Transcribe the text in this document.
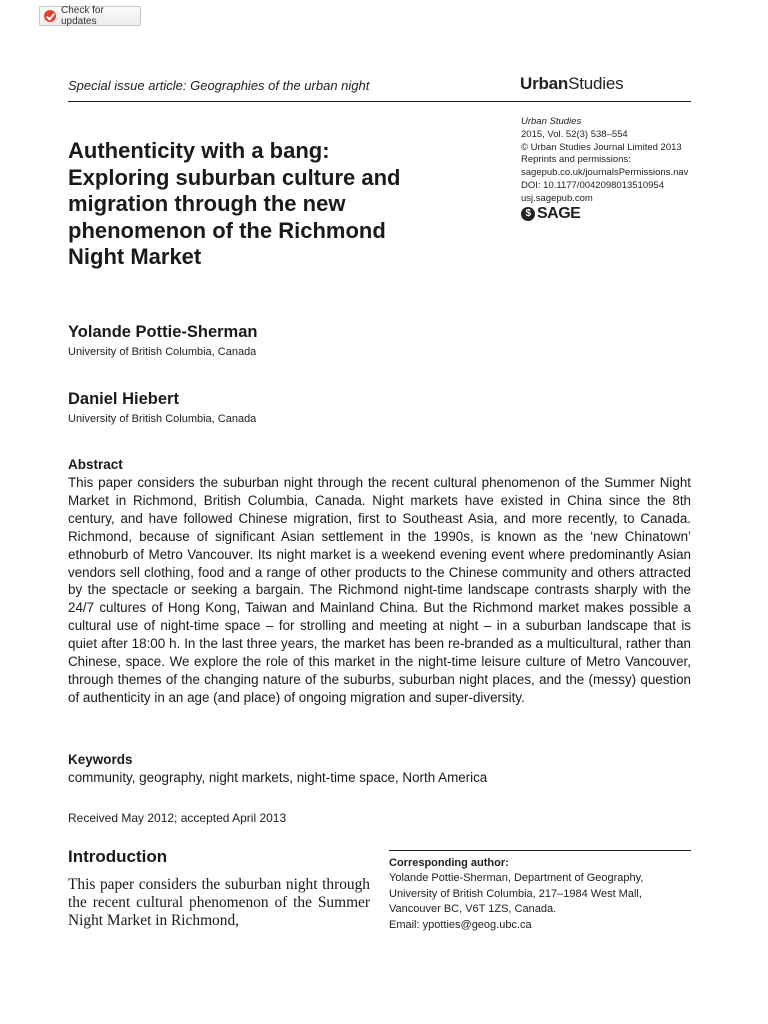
Check for updates
Special issue article: Geographies of the urban night	UrbanStudies
Urban Studies
2015, Vol. 52(3) 538–554
© Urban Studies Journal Limited 2013
Reprints and permissions:
sagepub.co.uk/journalsPermissions.nav
DOI: 10.1177/0042098013510954
usj.sagepub.com
$ SAGE
Authenticity with a bang:
Exploring suburban culture and
migration through the new
phenomenon of the Richmond
Night Market
Yolande Pottie-Sherman
University of British Columbia, Canada
Daniel Hiebert
University of British Columbia, Canada
Abstract
This paper considers the suburban night through the recent cultural phenomenon of the Summer Night Market in Richmond, British Columbia, Canada. Night markets have existed in China since the 8th century, and have followed Chinese migration, first to Southeast Asia, and more recently, to Canada. Richmond, because of significant Asian settlement in the 1990s, is known as the ‘new Chinatown’ ethnoburb of Metro Vancouver. Its night market is a weekend evening event where predominantly Asian vendors sell clothing, food and a range of other products to the Chinese community and others attracted by the spectacle or seeking a bargain. The Richmond night-time landscape contrasts sharply with the 24/7 cultures of Hong Kong, Taiwan and Mainland China. But the Richmond market makes possible a cultural use of night-time space – for strolling and meeting at night – in a suburban landscape that is quiet after 18:00 h. In the last three years, the market has been re-branded as a multicultural, rather than Chinese, space. We explore the role of this market in the night-time leisure culture of Metro Vancouver, through themes of the changing nature of the suburbs, suburban night places, and the (messy) question of authenticity in an age (and place) of ongoing migration and super-diversity.
Keywords
community, geography, night markets, night-time space, North America
Received May 2012; accepted April 2013
Introduction
This paper considers the suburban night through the recent cultural phenomenon of the Summer Night Market in Richmond,
Corresponding author:
Yolande Pottie-Sherman, Department of Geography,
University of British Columbia, 217–1984 West Mall,
Vancouver BC, V6T 1ZS, Canada.
Email: ypotties@geog.ubc.ca
